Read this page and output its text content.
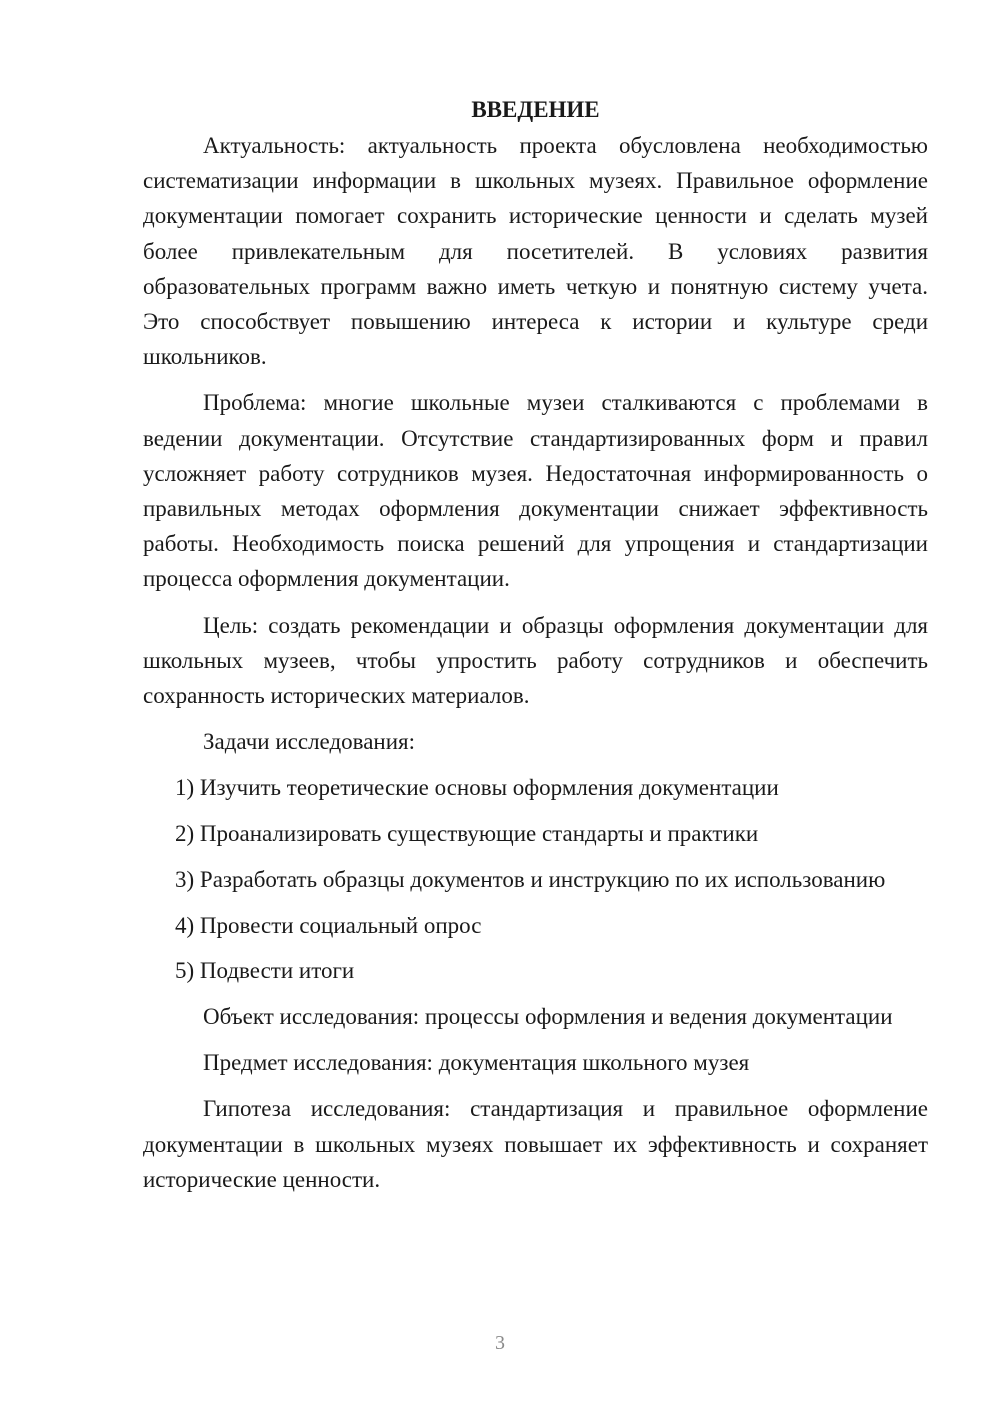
ВВЕДЕНИЕ

Актуальность: актуальность проекта обусловлена необходимостью систематизации информации в школьных музеях. Правильное оформление документации помогает сохранить исторические ценности и сделать музей более привлекательным для посетителей. В условиях развития образовательных программ важно иметь четкую и понятную систему учета. Это способствует повышению интереса к истории и культуре среди школьников.

Проблема: многие школьные музеи сталкиваются с проблемами в ведении документации. Отсутствие стандартизированных форм и правил усложняет работу сотрудников музея. Недостаточная информированность о правильных методах оформления документации снижает эффективность работы. Необходимость поиска решений для упрощения и стандартизации процесса оформления документации.

Цель: создать рекомендации и образцы оформления документации для школьных музеев, чтобы упростить работу сотрудников и обеспечить сохранность исторических материалов.

Задачи исследования:

1) Изучить теоретические основы оформления документации

2) Проанализировать существующие стандарты и практики

3) Разработать образцы документов и инструкцию по их использованию

4) Провести социальный опрос

5) Подвести итоги

Объект исследования: процессы оформления и ведения документации

Предмет исследования: документация школьного музея

Гипотеза исследования: стандартизация и правильное оформление документации в школьных музеях повышает их эффективность и сохраняет исторические ценности.

3
